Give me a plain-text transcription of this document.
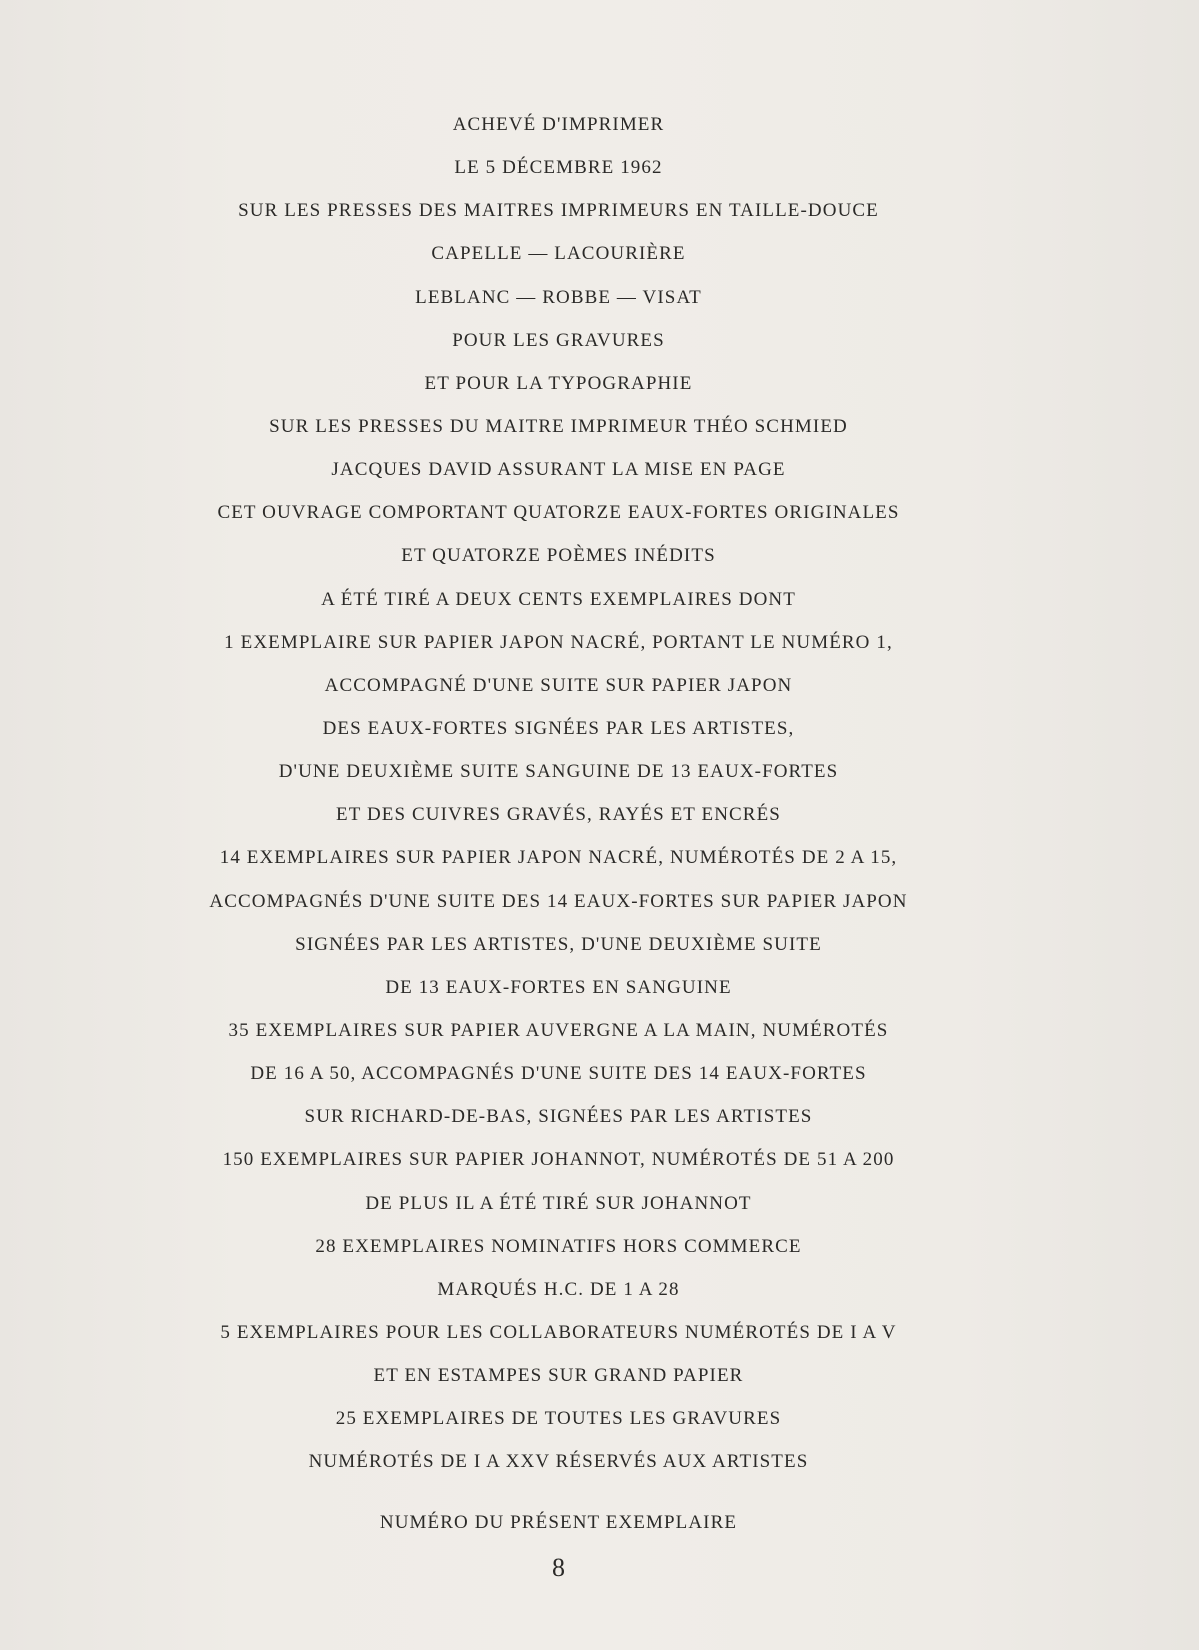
ACHEVÉ D'IMPRIMER
LE 5 DÉCEMBRE 1962
SUR LES PRESSES DES MAITRES IMPRIMEURS EN TAILLE-DOUCE
CAPELLE — LACOURIÈRE
LEBLANC — ROBBE — VISAT
POUR LES GRAVURES
ET POUR LA TYPOGRAPHIE
SUR LES PRESSES DU MAITRE IMPRIMEUR THÉO SCHMIED
JACQUES DAVID ASSURANT LA MISE EN PAGE
CET OUVRAGE COMPORTANT QUATORZE EAUX-FORTES ORIGINALES
ET QUATORZE POÈMES INÉDITS
A ÉTÉ TIRÉ A DEUX CENTS EXEMPLAIRES DONT
1 EXEMPLAIRE SUR PAPIER JAPON NACRÉ, PORTANT LE NUMÉRO 1,
ACCOMPAGNÉ D'UNE SUITE SUR PAPIER JAPON
DES EAUX-FORTES SIGNÉES PAR LES ARTISTES,
D'UNE DEUXIÈME SUITE SANGUINE DE 13 EAUX-FORTES
ET DES CUIVRES GRAVÉS, RAYÉS ET ENCRÉS
14 EXEMPLAIRES SUR PAPIER JAPON NACRÉ, NUMÉROTÉS DE 2 A 15,
ACCOMPAGNÉS D'UNE SUITE DES 14 EAUX-FORTES SUR PAPIER JAPON
SIGNÉES PAR LES ARTISTES, D'UNE DEUXIÈME SUITE
DE 13 EAUX-FORTES EN SANGUINE
35 EXEMPLAIRES SUR PAPIER AUVERGNE A LA MAIN, NUMÉROTÉS
DE 16 A 50, ACCOMPAGNÉS D'UNE SUITE DES 14 EAUX-FORTES
SUR RICHARD-DE-BAS, SIGNÉES PAR LES ARTISTES
150 EXEMPLAIRES SUR PAPIER JOHANNOT, NUMÉROTÉS DE 51 A 200
DE PLUS IL A ÉTÉ TIRÉ SUR JOHANNOT
28 EXEMPLAIRES NOMINATIFS HORS COMMERCE
MARQUÉS H.C. DE 1 A 28
5 EXEMPLAIRES POUR LES COLLABORATEURS NUMÉROTÉS DE I A V
ET EN ESTAMPES SUR GRAND PAPIER
25 EXEMPLAIRES DE TOUTES LES GRAVURES
NUMÉROTÉS DE I A XXV RÉSERVÉS AUX ARTISTES
NUMÉRO DU PRÉSENT EXEMPLAIRE
8
